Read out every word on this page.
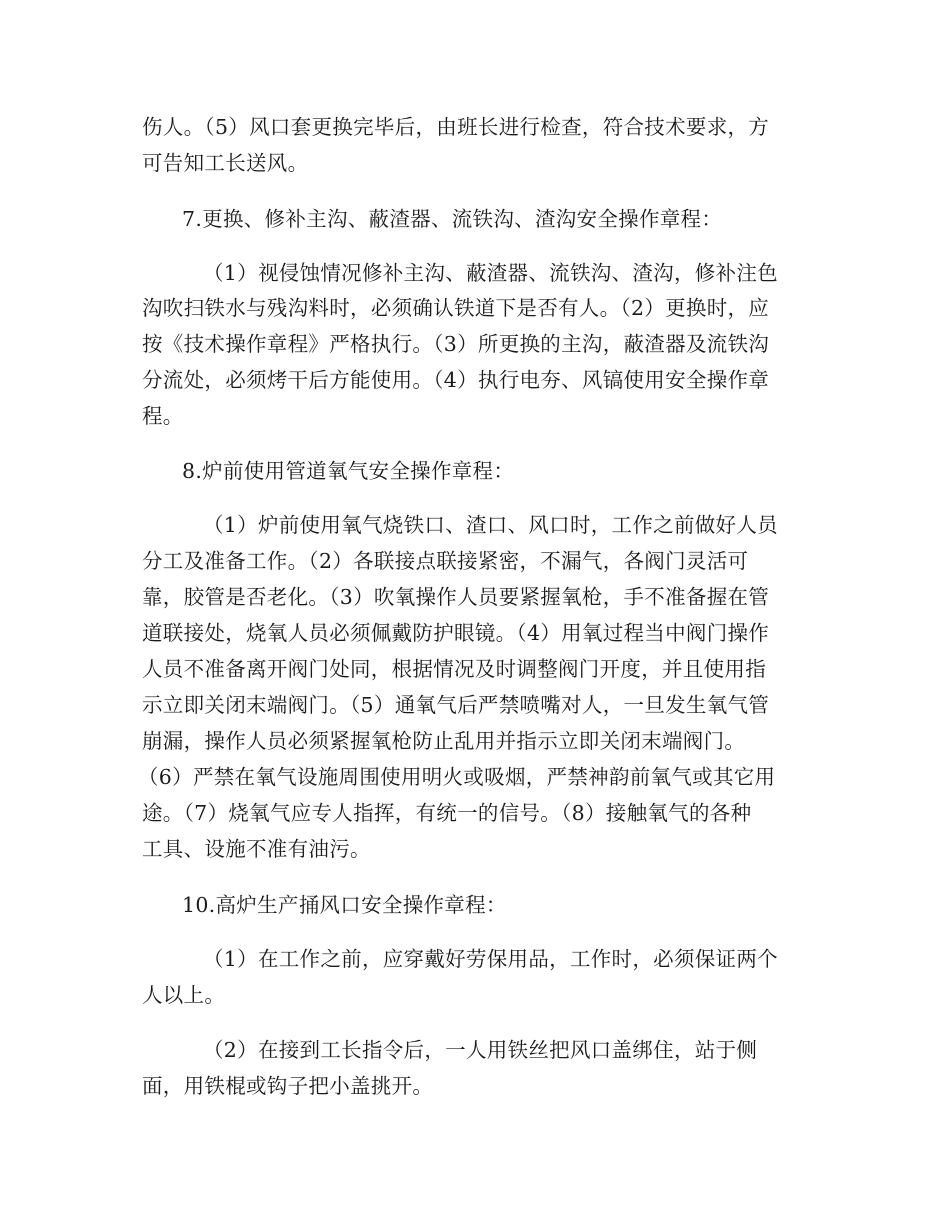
伤人。（5）风口套更换完毕后，由班长进行检查，符合技术要求，方
可告知工长送风。
7.更换、修补主沟、蔽渣器、流铁沟、渣沟安全操作章程：
（1）视侵蚀情况修补主沟、蔽渣器、流铁沟、渣沟，修补注色
沟吹扫铁水与残沟料时，必须确认铁道下是否有人。（2）更换时，应
按《技术操作章程》严格执行。（3）所更换的主沟，蔽渣器及流铁沟
分流处，必须烤干后方能使用。（4）执行电夯、风镐使用安全操作章
程。
8.炉前使用管道氧气安全操作章程：
（1）炉前使用氧气烧铁口、渣口、风口时，工作之前做好人员
分工及准备工作。（2）各联接点联接紧密，不漏气，各阀门灵活可
靠，胶管是否老化。（3）吹氧操作人员要紧握氧枪，手不准备握在管
道联接处，烧氧人员必须佩戴防护眼镜。（4）用氧过程当中阀门操作
人员不准备离开阀门处同，根据情况及时调整阀门开度，并且使用指
示立即关闭末端阀门。（5）通氧气后严禁喷嘴对人，一旦发生氧气管
崩漏，操作人员必须紧握氧枪防止乱用并指示立即关闭末端阀门。
（6）严禁在氧气设施周围使用明火或吸烟，严禁神韵前氧气或其它用
途。（7）烧氧气应专人指挥，有统一的信号。（8）接触氧气的各种
工具、设施不准有油污。
10.高炉生产捅风口安全操作章程：
（1）在工作之前，应穿戴好劳保用品，工作时，必须保证两个
人以上。
（2）在接到工长指令后，一人用铁丝把风口盖绑住，站于侧
面，用铁棍或钩子把小盖挑开。
